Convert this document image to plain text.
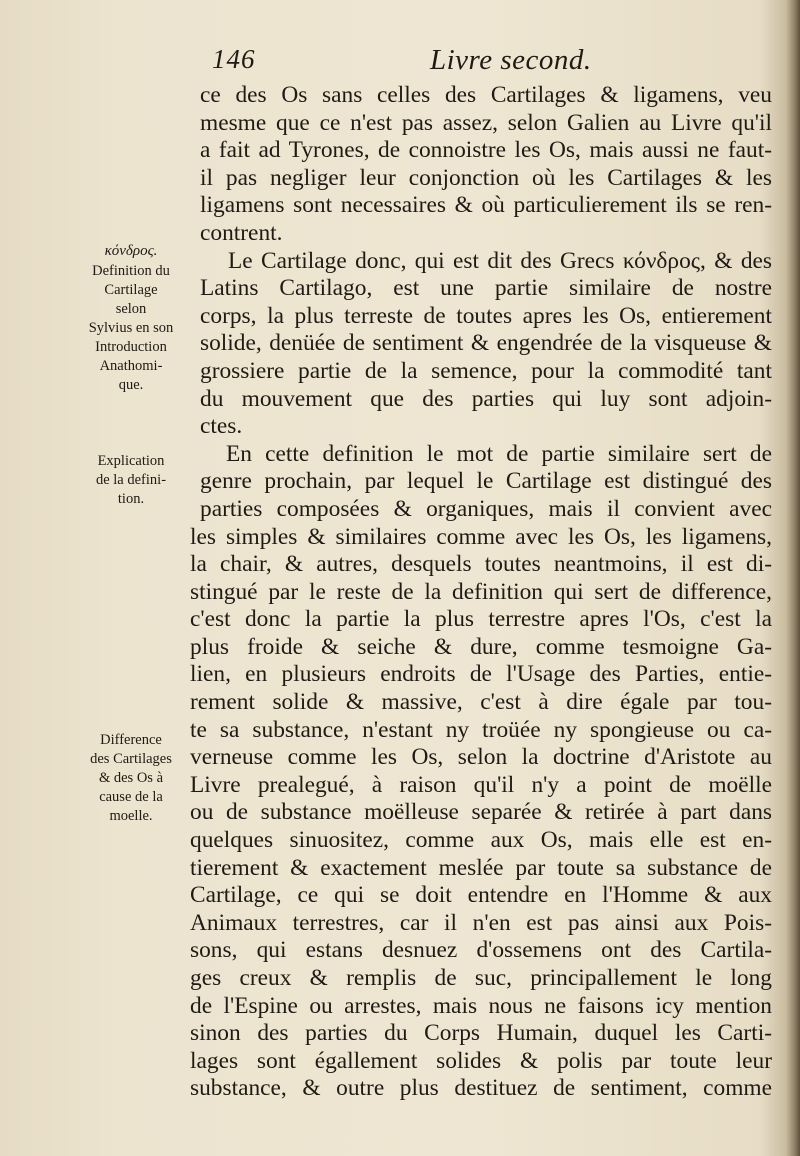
146	Livre second.
κόνδρος.
Definition du
Cartilage
selon
Sylvius en son
Introduction
Anathomi-
que.
Explication
de la defini-
tion.
Difference
des Cartilages
& des Os à
cause de la
moelle.
ce des Os sans celles des Cartilages & ligamens, veu
mesme que ce n'est pas assez, selon Galien au Livre qu'il
a fait ad Tyrones, de connoistre les Os, mais aussi ne faut-
il pas negliger leur conjonction où les Cartilages & les
ligamens sont necessaires & où particulierement ils se ren-
contrent.
Le Cartilage donc, qui est dit des Grecs κόνδρος, & des
Latins Cartilago, est une partie similaire de nostre
corps, la plus terreste de toutes apres les Os, entierement
solide, denüée de sentiment & engendrée de la visqueuse &
grossiere partie de la semence, pour la commodité tant
du mouvement que des parties qui luy sont adjoin-
ctes.
En cette definition le mot de partie similaire sert de
genre prochain, par lequel le Cartilage est distingué des
parties composées & organiques, mais il convient avec
les simples & similaires comme avec les Os, les ligamens,
la chair, & autres, desquels toutes neantmoins, il est di-
stingué par le reste de la definition qui sert de difference,
c'est donc la partie la plus terrestre apres l'Os, c'est la
plus froide & seiche & dure, comme tesmoigne Ga-
lien, en plusieurs endroits de l'Usage des Parties, entie-
rement solide & massive, c'est à dire égale par tou-
te sa substance, n'estant ny troüée ny spongieuse ou ca-
verneuse comme les Os, selon la doctrine d'Aristote au
Livre prealegué, à raison qu'il n'y a point de moëlle
ou de substance moëlleuse separée & retirée à part dans
quelques sinuositez, comme aux Os, mais elle est en-
tierement & exactement meslée par toute sa substance de
Cartilage, ce qui se doit entendre en l'Homme & aux
Animaux terrestres, car il n'en est pas ainsi aux Pois-
sons, qui estans desnuez d'ossemens ont des Cartila-
ges creux & remplis de suc, principallement le long
de l'Espine ou arrestes, mais nous ne faisons icy mention
sinon des parties du Corps Humain, duquel les Carti-
lages sont égallement solides & polis par toute leur
substance, & outre plus destituez de sentiment, comme
